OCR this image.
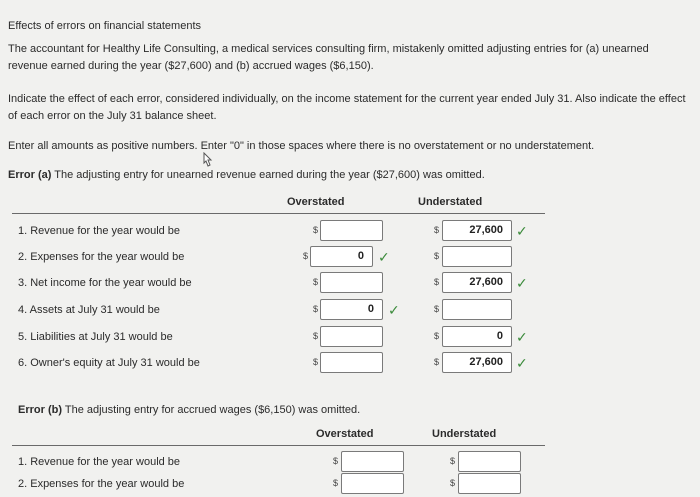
Effects of errors on financial statements
The accountant for Healthy Life Consulting, a medical services consulting firm, mistakenly omitted adjusting entries for (a) unearned revenue earned during the year ($27,600) and (b) accrued wages ($6,150).
Indicate the effect of each error, considered individually, on the income statement for the current year ended July 31. Also indicate the effect of each error on the July 31 balance sheet.
Enter all amounts as positive numbers. Enter "0" in those spaces where there is no overstatement or no understatement.
Error (a) The adjusting entry for unearned revenue earned during the year ($27,600) was omitted.
Overstated	Understated
1. Revenue for the year would be	$	$	27,600 ✓
2. Expenses for the year would be	$	0	✓	$
3. Net income for the year would be	$	$	27,600 ✓
4. Assets at July 31 would be	$	0	✓	$
5. Liabilities at July 31 would be	$	$	0 ✓
6. Owner's equity at July 31 would be	$	$	27,600 ✓
Error (b) The adjusting entry for accrued wages ($6,150) was omitted.
Overstated	Understated
1. Revenue for the year would be	$	$
2. Expenses for the year would be	$	$
